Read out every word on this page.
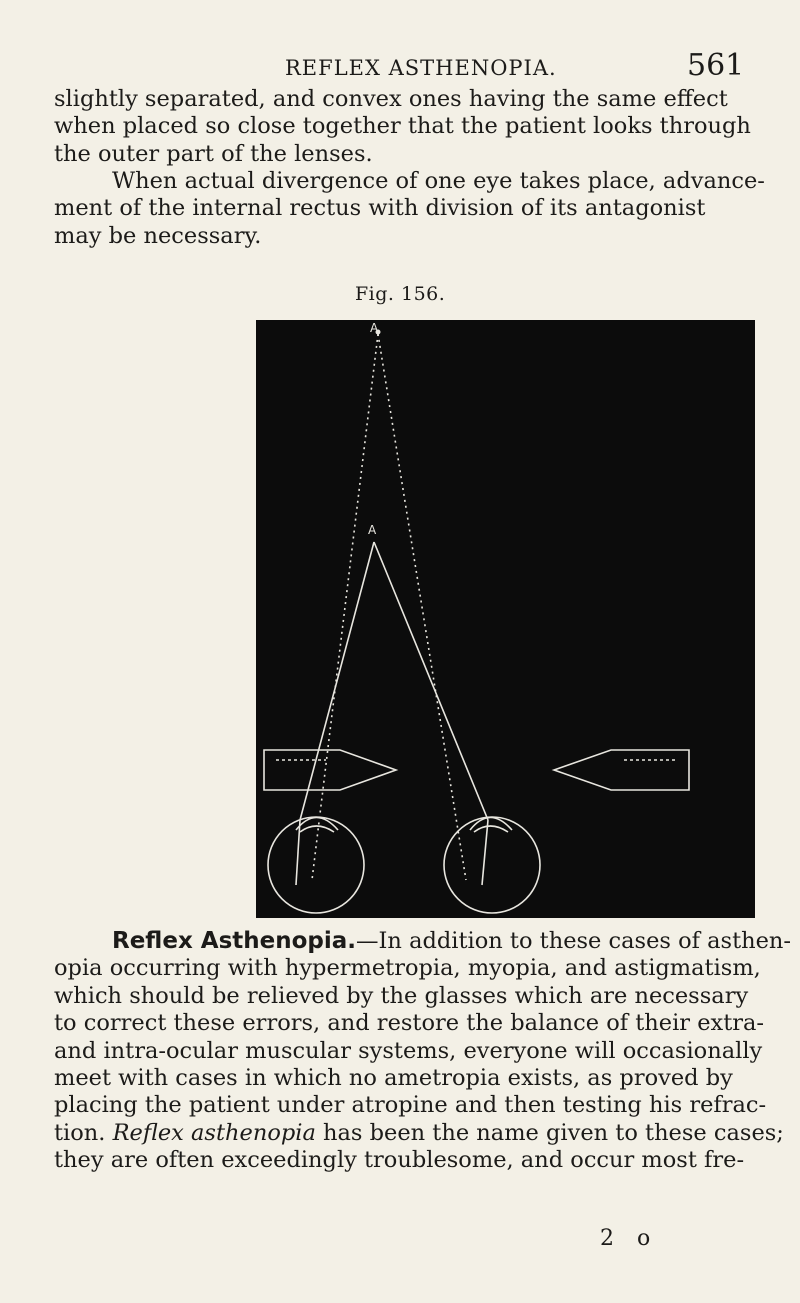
REFLEX ASTHENOPIA.	561
slightly separated, and convex ones having the same effect
when placed so close together that the patient looks through
the outer part of the lenses.
When actual divergence of one eye takes place, advance-
ment of the internal rectus with division of its antagonist
may be necessary.
Fig. 156.
A
A
Reflex Asthenopia.—In addition to these cases of asthen-
opia occurring with hypermetropia, myopia, and astigmatism,
which should be relieved by the glasses which are necessary
to correct these errors, and restore the balance of their extra-
and intra-ocular muscular systems, everyone will occasionally
meet with cases in which no ametropia exists, as proved by
placing the patient under atropine and then testing his refrac-
tion. Reflex asthenopia has been the name given to these cases;
they are often exceedingly troublesome, and occur most fre-
2 o
